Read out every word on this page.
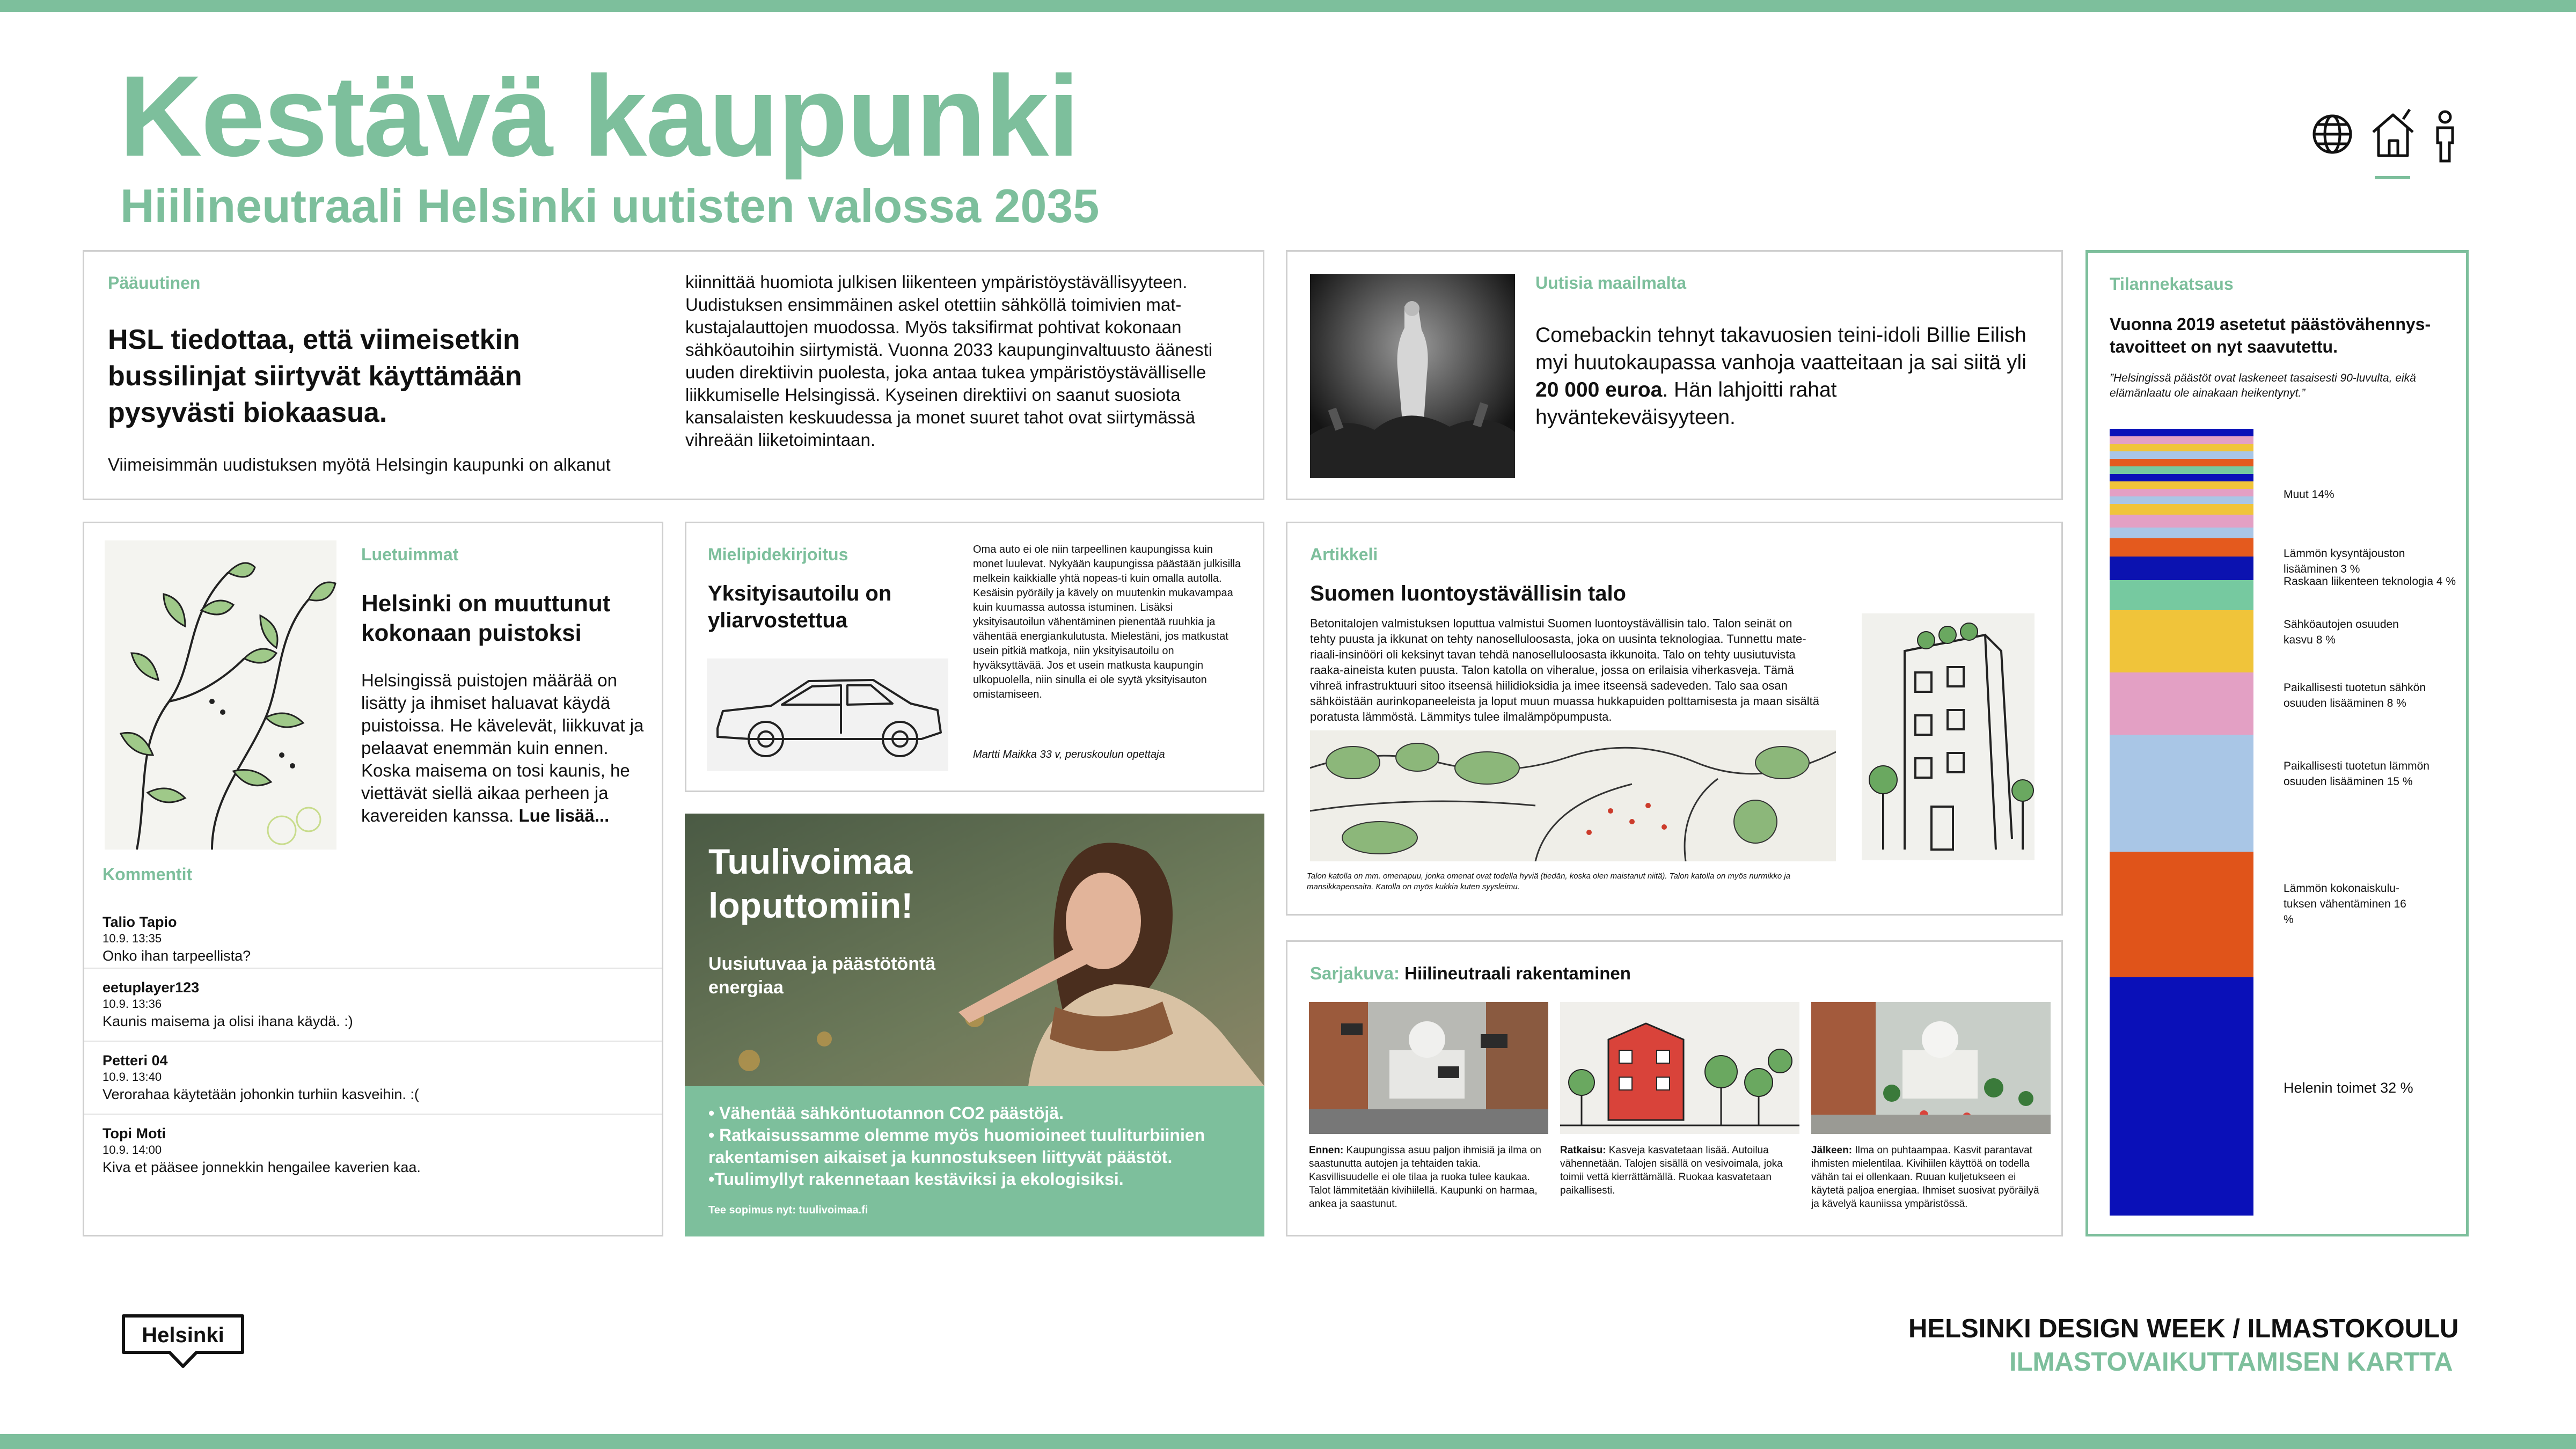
Kestävä kaupunki
Hiilineutraali Helsinki uutisten valossa 2035
Pääuutinen
HSL tiedottaa, että viimeisetkin bussilinjat siirtyvät käyttämään pysyvästi biokaasua.
Viimeisimmän uudistuksen myötä Helsingin kaupunki on alkanut
kiinnittää huomiota julkisen liikenteen ympäristöystävällisyyteen. Uudistuksen ensimmäinen askel otettiin sähköllä toimivien mat-kustajalauttojen muodossa. Myös taksifirmat pohtivat kokonaan sähköautoihin siirtymistä. Vuonna 2033 kaupunginvaltuusto äänesti uuden direktiivin puolesta, joka antaa tukea ympäristöystävälliselle liikkumiselle Helsingissä. Kyseinen direktiivi on saanut suosiota kansalaisten keskuudessa ja monet suuret tahot ovat siirtymässä vihreään liiketoimintaan.
Uutisia maailmalta
Comebackin tehnyt takavuosien teini-idoli Billie Eilish myi huutokaupassa vanhoja vaatteitaan ja sai siitä yli 20 000 euroa. Hän lahjoitti rahat hyväntekeväisyyteen.
Tilannekatsaus
Vuonna 2019 asetetut päästövähennys-tavoitteet on nyt saavutettu.
”Helsingissä päästöt ovat laskeneet tasaisesti 90-luvulta, eikä elämänlaatu ole ainakaan heikentynyt.”
Muut 14%
Lämmön kysyntäjouston lisääminen 3 %
Raskaan liikenteen teknologia 4 %
Sähköautojen osuuden kasvu 8 %
Paikallisesti tuotetun sähkön osuuden lisääminen 8 %
Paikallisesti tuotetun lämmön osuuden lisääminen 15 %
Lämmön kokonaiskulu-tuksen vähentäminen 16 %
Helenin toimet 32 %
Luetuimmat
Helsinki on muuttunut kokonaan puistoksi
Helsingissä puistojen määrää on lisätty ja ihmiset haluavat käydä puistoissa. He kävelevät, liikkuvat ja pelaavat enemmän kuin ennen. Koska maisema on tosi kaunis, he viettävät siellä aikaa perheen ja kavereiden kanssa. Lue lisää...
Kommentit
Talio Tapio
10.9. 13:35
Onko ihan tarpeellista?
eetuplayer123
10.9. 13:36
Kaunis maisema ja olisi ihana käydä. :)
Petteri 04
10.9. 13:40
Verorahaa käytetään johonkin turhiin kasveihin. :(
Topi Moti
10.9. 14:00
Kiva et pääsee jonnekkin hengailee kaverien kaa.
Mielipidekirjoitus
Yksityisautoilu on yliarvostettua
Oma auto ei ole niin tarpeellinen kaupungissa kuin monet luulevat. Nykyään kaupungissa päästään julkisilla melkein kaikkialle yhtä nopeas-ti kuin omalla autolla. Kesäisin pyöräily ja kävely on muutenkin mukavampaa kuin kuumassa autossa istuminen. Lisäksi yksityisautoilun vähentäminen pienentää ruuhkia ja vähentää energiankulutusta. Mielestäni, jos matkustat usein pitkiä matkoja, niin yksityisautoilu on hyväksyttävää. Jos et usein matkusta kaupungin ulkopuolella, niin sinulla ei ole syytä yksityisauton omistamiseen.
Martti Maikka 33 v, peruskoulun opettaja
Tuulivoimaa loputtomiin!
Uusiutuvaa ja päästötöntä energiaa
• Vähentää sähköntuotannon CO2 päästöjä.
• Ratkaisussamme olemme myös huomioineet tuuliturbiinien rakentamisen aikaiset ja kunnostukseen liittyvät päästöt.
•Tuulimyllyt rakennetaan kestäviksi ja ekologisiksi.
Tee sopimus nyt: tuulivoimaa.fi
Artikkeli
Suomen luontoystävällisin talo
Betonitalojen valmistuksen loputtua valmistui Suomen luontoystävällisin talo. Talon seinät on tehty puusta ja ikkunat on tehty nanoselluloosasta, joka on uusinta teknologiaa. Tunnettu mate-riaali-insinööri oli keksinyt tavan tehdä nanoselluloosasta ikkunoita. Talo on tehty uusiutuvista raaka-aineista kuten puusta. Talon katolla on viheralue, jossa on erilaisia viherkasveja. Tämä vihreä infrastruktuuri sitoo itseensä hiilidioksidia ja imee itseensä sadeveden. Talo saa osan sähköistään aurinkopaneeleista ja loput muun muassa hukkapuiden polttamisesta ja maan sisältä poratusta lämmöstä. Lämmitys tulee ilmalämpöpumpusta.
Talon katolla on mm. omenapuu, jonka omenat ovat todella hyviä (tiedän, koska olen maistanut niitä). Talon katolla on myös nurmikko ja mansikkapensaita. Katolla on myös kukkia kuten syysleimu.
Sarjakuva: Hiilineutraali rakentaminen
Ennen: Kaupungissa asuu paljon ihmisiä ja ilma on saastunutta autojen ja tehtaiden takia. Kasvillisuudelle ei ole tilaa ja ruoka tulee kaukaa. Talot lämmitetään kivihiilellä. Kaupunki on harmaa, ankea ja saastunut.
Ratkaisu: Kasveja kasvatetaan lisää. Autoilua vähennetään. Talojen sisällä on vesivoimala, joka toimii vettä kierrättämällä. Ruokaa kasvatetaan paikallisesti.
Jälkeen: Ilma on puhtaampaa. Kasvit parantavat ihmisten mielentilaa. Kivihiilen käyttöä on todella vähän tai ei ollenkaan. Ruuan kuljetukseen ei käytetä paljoa energiaa. Ihmiset suosivat pyöräilyä ja kävelyä kauniissa ympäristössä.
Helsinki	HELSINKI DESIGN WEEK / ILMASTOKOULU
ILMASTOVAIKUTTAMISEN KARTTA
